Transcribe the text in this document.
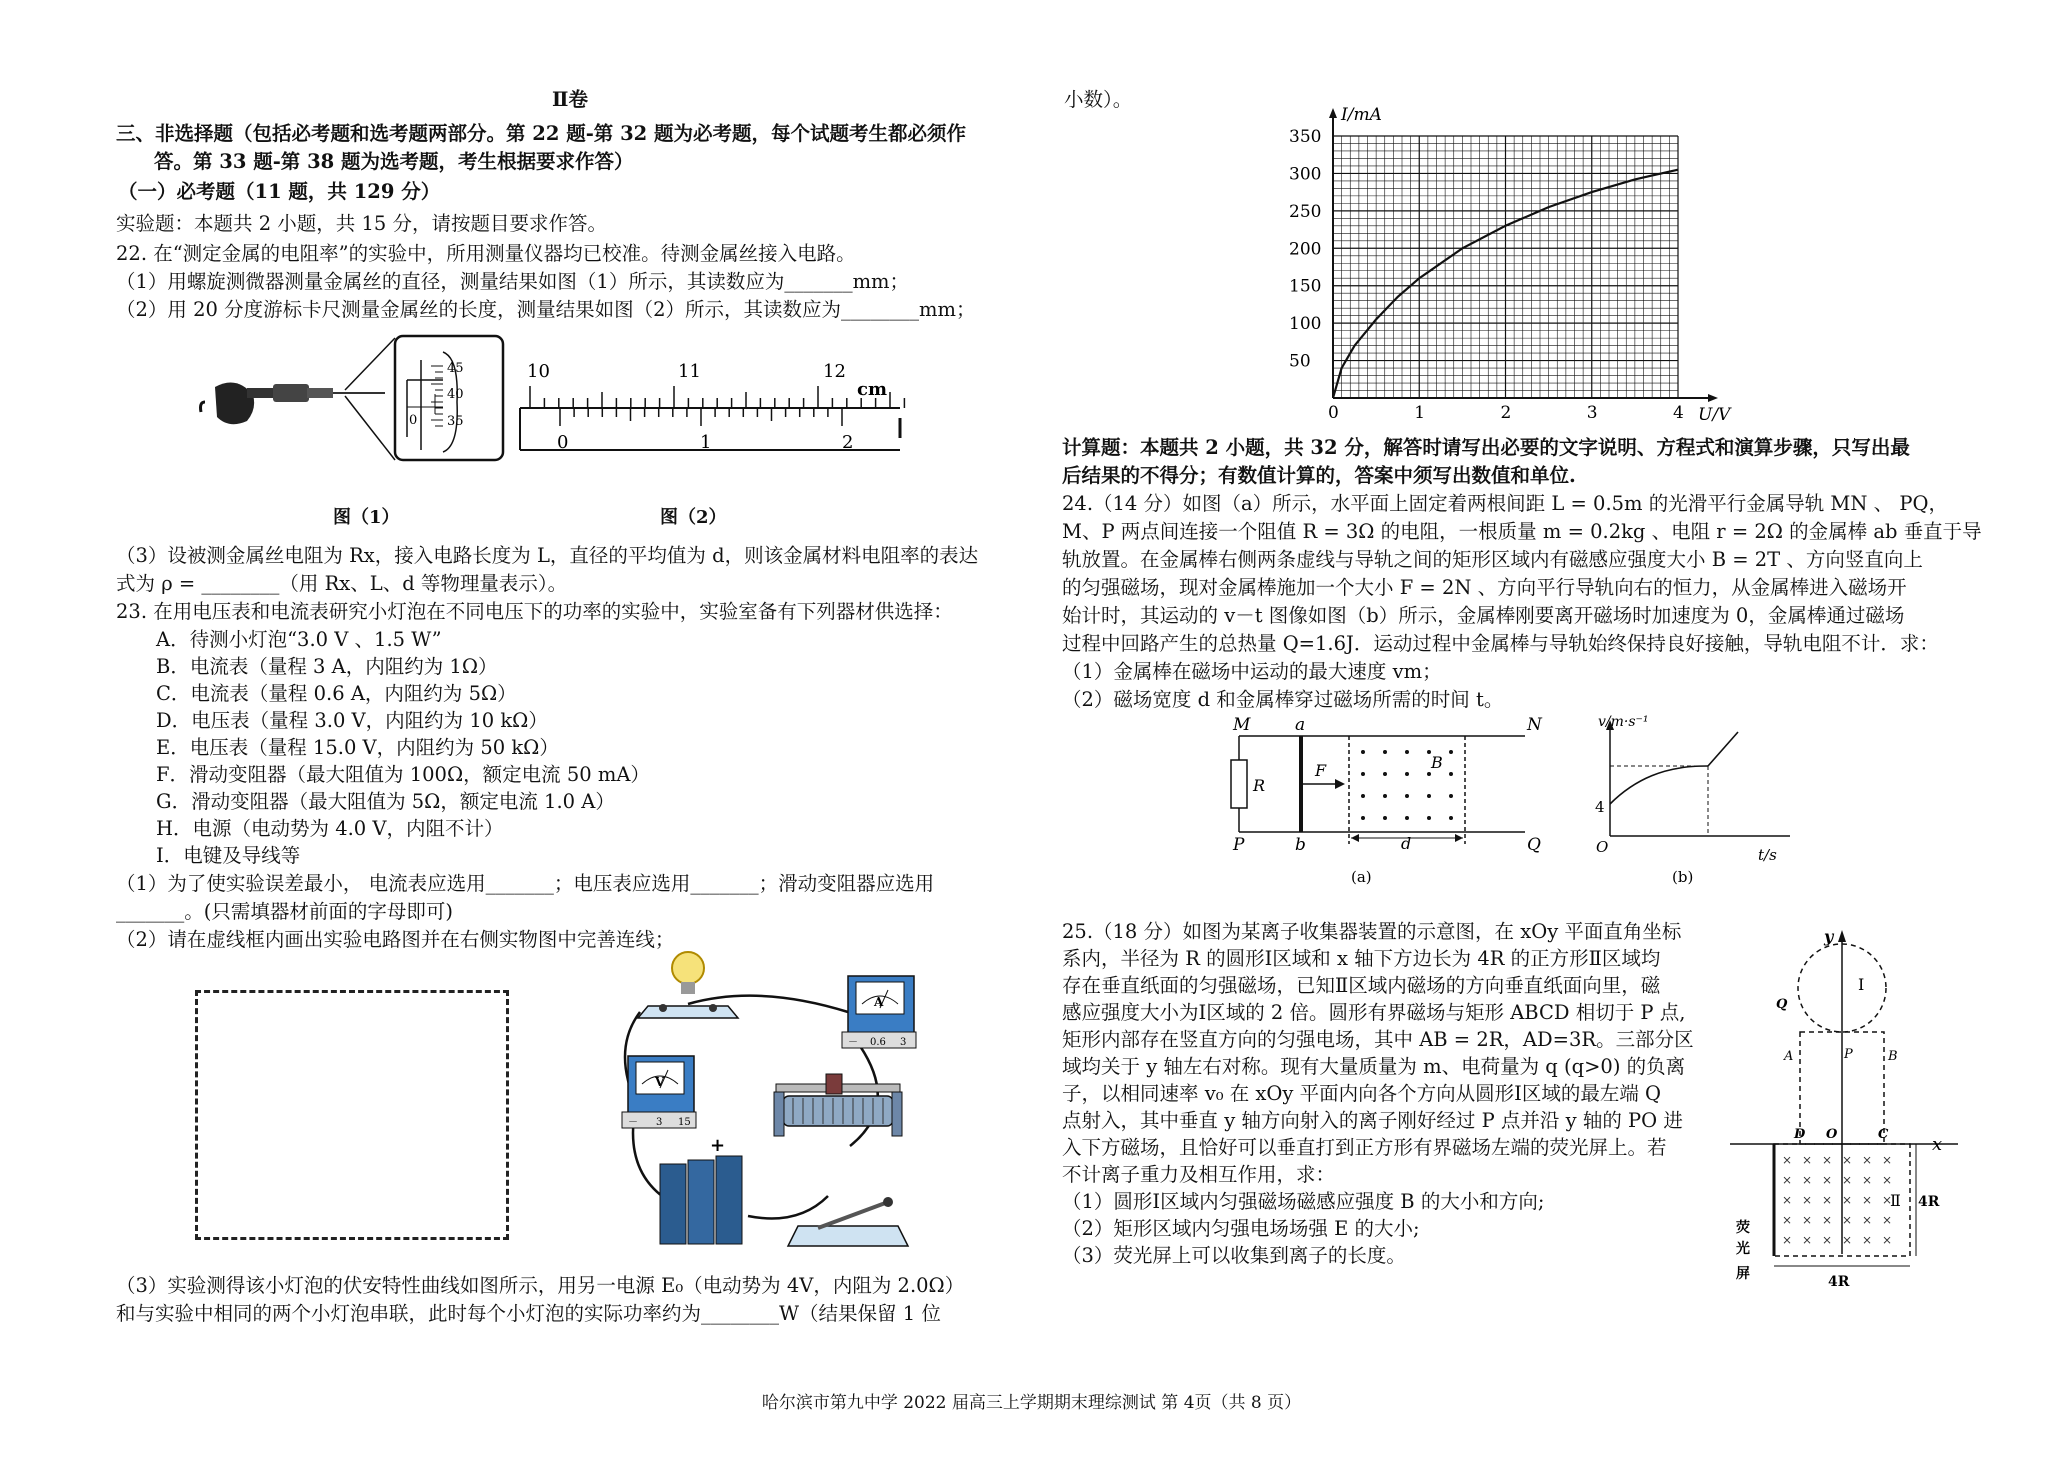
Ⅱ卷
三、非选择题（包括必考题和选考题两部分。第 22 题-第 32 题为必考题，每个试题考生都必须作
答。第 33 题-第 38 题为选考题，考生根据要求作答）
（一）必考题（11 题，共 129 分）
实验题：本题共 2 小题，共 15 分，请按题目要求作答。
22. 在“测定金属的电阻率”的实验中，所用测量仪器均已校准。待测金属丝接入电路。
（1）用螺旋测微器测量金属丝的直径，测量结果如图（1）所示，其读数应为_______mm；
（2）用 20 分度游标卡尺测量金属丝的长度，测量结果如图（2）所示，其读数应为________mm；
45
40
35
0
10	11	12
cm
0	1	2
图（1）	图（2）
（3）设被测金属丝电阻为 Rx，接入电路长度为 L，直径的平均值为 d，则该金属材料电阻率的表达
式为 ρ = ________（用 Rx、L、d 等物理量表示）。
23. 在用电压表和电流表研究小灯泡在不同电压下的功率的实验中，实验室备有下列器材供选择：
A．待测小灯泡“3.0 V 、1.5 W”
B．电流表（量程 3 A，内阻约为 1Ω）
C．电流表（量程 0.6 A，内阻约为 5Ω）
D．电压表（量程 3.0 V，内阻约为 10 kΩ）
E．电压表（量程 15.0 V，内阻约为 50 kΩ）
F．滑动变阻器（最大阻值为 100Ω，额定电流 50 mA）
G．滑动变阻器（最大阻值为 5Ω，额定电流 1.0 A）
H．电源（电动势为 4.0 V，内阻不计）
I．电键及导线等
（1）为了使实验误差最小， 电流表应选用_______；电压表应选用_______；滑动变阻器应选用
_______。(只需填器材前面的字母即可)
（2）请在虚线框内画出实验电路图并在右侧实物图中完善连线；
A
－ 0.6 3
V
－ 3 15
+
（3）实验测得该小灯泡的伏安特性曲线如图所示，用另一电源 E₀（电动势为 4V，内阻为 2.0Ω）
和与实验中相同的两个小灯泡串联，此时每个小灯泡的实际功率约为________W（结果保留 1 位
小数）。
0	1	2	3	4
50
100
150
200
250
300
350
I/mA
U/V
计算题：本题共 2 小题，共 32 分，解答时请写出必要的文字说明、方程式和演算步骤，只写出最
后结果的不得分；有数值计算的，答案中须写出数值和单位.
24.（14 分）如图（a）所示，水平面上固定着两根间距 L = 0.5m 的光滑平行金属导轨 MN 、 PQ，
M、P 两点间连接一个阻值 R = 3Ω 的电阻，一根质量 m = 0.2kg 、电阻 r = 2Ω 的金属棒 ab 垂直于导
轨放置。在金属棒右侧两条虚线与导轨之间的矩形区域内有磁感应强度大小 B = 2T 、方向竖直向上
的匀强磁场，现对金属棒施加一个大小 F = 2N 、方向平行导轨向右的恒力，从金属棒进入磁场开
始计时，其运动的 v－t 图像如图（b）所示，金属棒刚要离开磁场时加速度为 0，金属棒通过磁场
过程中回路产生的总热量 Q=1.6J．运动过程中金属棒与导轨始终保持良好接触，导轨电阻不计．求：
（1）金属棒在磁场中运动的最大速度 vm；
（2）磁场宽度 d 和金属棒穿过磁场所需的时间 t。
M	a	N
P	b	Q
R
F	B
d
(a)
v/m·s⁻¹
O
4
t/s
(b)
25.（18 分）如图为某离子收集器装置的示意图，在 xOy 平面直角坐标
系内，半径为 R 的圆形Ⅰ区域和 x 轴下方边长为 4R 的正方形Ⅱ区域均
存在垂直纸面的匀强磁场，已知Ⅱ区域内磁场的方向垂直纸面向里，磁
感应强度大小为Ⅰ区域的 2 倍。圆形有界磁场与矩形 ABCD 相切于 P 点,
矩形内部存在竖直方向的匀强电场，其中 AB = 2R，AD=3R。三部分区
域均关于 y 轴左右对称。现有大量质量为 m、电荷量为 q (q>0) 的负离
子，以相同速率 v₀ 在 xOy 平面内向各个方向从圆形Ⅰ区域的最左端 Q
点射入，其中垂直 y 轴方向射入的离子刚好经过 P 点并沿 y 轴的 PO 进
入下方磁场，且恰好可以垂直打到正方形有界磁场左端的荧光屏上。若
不计离子重力及相互作用，求：
（1）圆形Ⅰ区域内匀强磁场磁感应强度 B 的大小和方向;
（2）矩形区域内匀强电场场强 E 的大小;
（3）荧光屏上可以收集到离子的长度。
y
Ⅰ
Q
A	P	B
x
D O	C
× × × × × ×
× × × × × ×
× × × × × ×
× × × × × ×
× × × × × ×
Ⅱ 4R
4R
荧
光
屏
哈尔滨市第九中学 2022 届高三上学期期末理综测试 第 4页（共 8 页）
